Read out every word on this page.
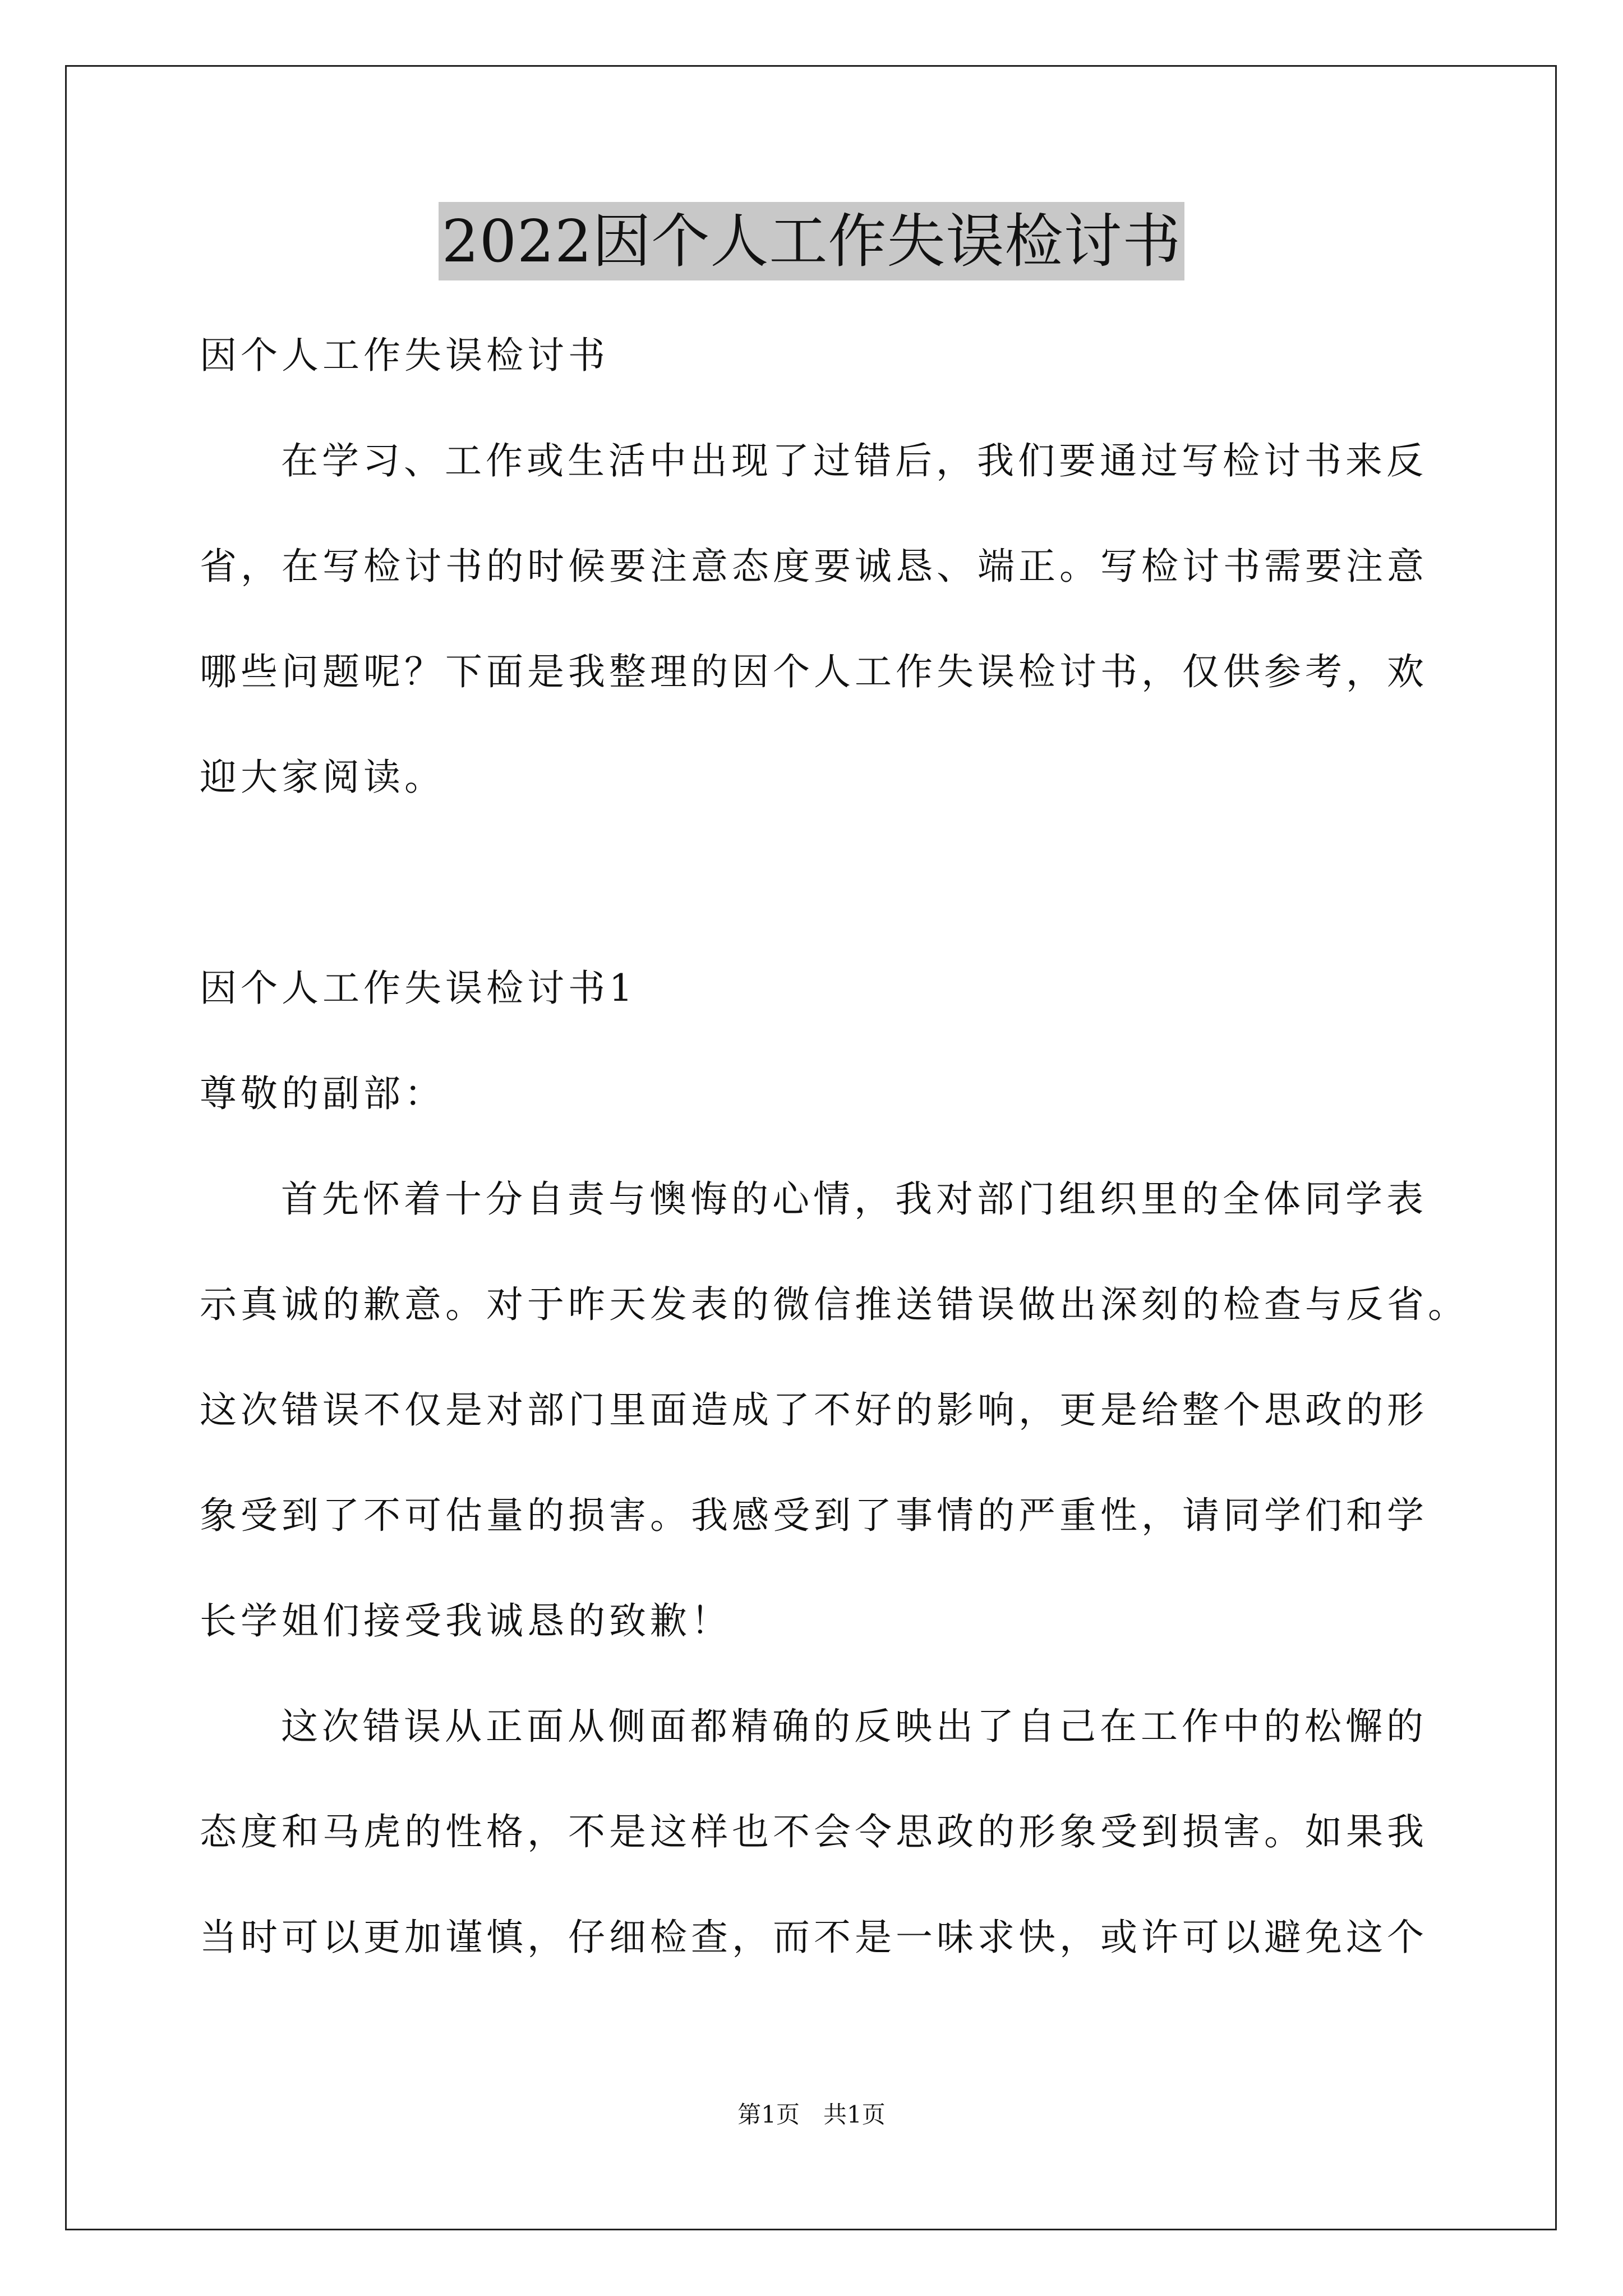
2022因个人工作失误检讨书
因个人工作失误检讨书
在学习、工作或生活中出现了过错后，我们要通过写检讨书来反
省，在写检讨书的时候要注意态度要诚恳、端正。写检讨书需要注意
哪些问题呢？下面是我整理的因个人工作失误检讨书，仅供参考，欢
迎大家阅读。
因个人工作失误检讨书1
尊敬的副部：
首先怀着十分自责与懊悔的心情，我对部门组织里的全体同学表
示真诚的歉意。对于昨天发表的微信推送错误做出深刻的检查与反省。
这次错误不仅是对部门里面造成了不好的影响，更是给整个思政的形
象受到了不可估量的损害。我感受到了事情的严重性，请同学们和学
长学姐们接受我诚恳的致歉！
这次错误从正面从侧面都精确的反映出了自己在工作中的松懈的
态度和马虎的性格，不是这样也不会令思政的形象受到损害。如果我
当时可以更加谨慎，仔细检查，而不是一味求快，或许可以避免这个
第1页　共1页
